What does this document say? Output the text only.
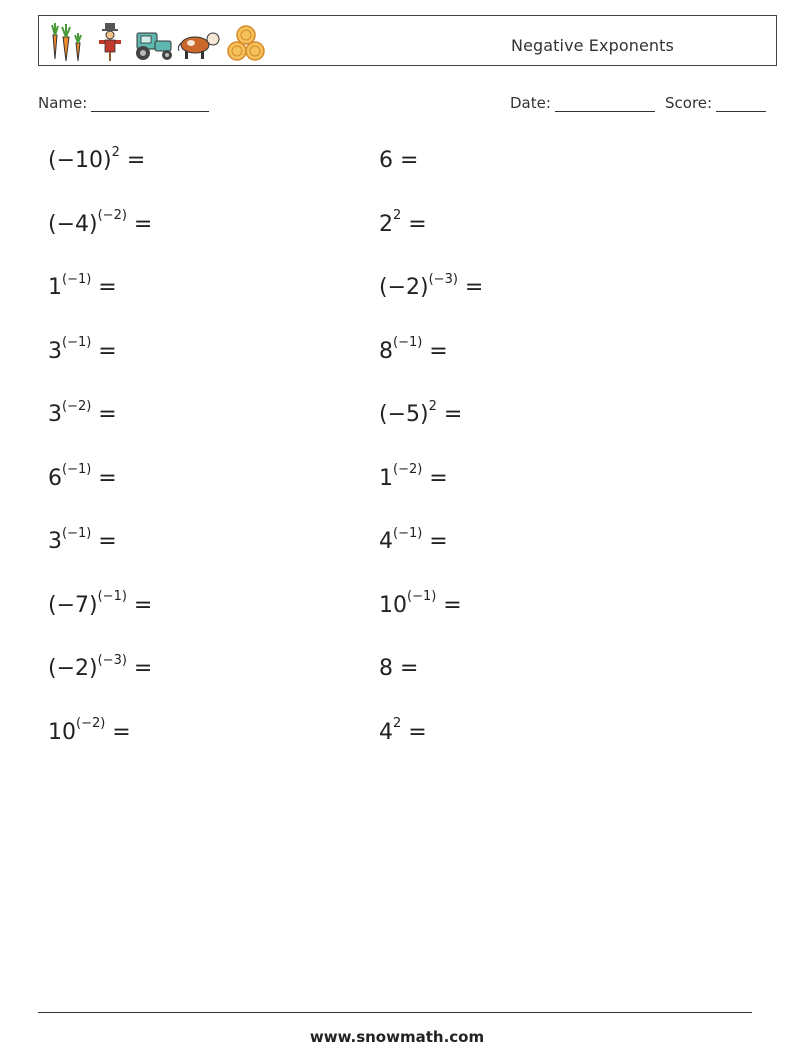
Negative Exponents
Name:	Date:	Score:
$(-10)^2$ =	6 =
$(-4)^{(-2)}$ =	$2^2$ =
$1^{(-1)}$ =	$(-2)^{(-3)}$ =
$3^{(-1)}$ =	$8^{(-1)}$ =
$3^{(-2)}$ =	$(-5)^2$ =
$6^{(-1)}$ =	$1^{(-2)}$ =
$3^{(-1)}$ =	$4^{(-1)}$ =
$(-7)^{(-1)}$ =	$10^{(-1)}$ =
$(-2)^{(-3)}$ =	8 =
$10^{(-2)}$ =	$4^2$ =
www.snowmath.com
